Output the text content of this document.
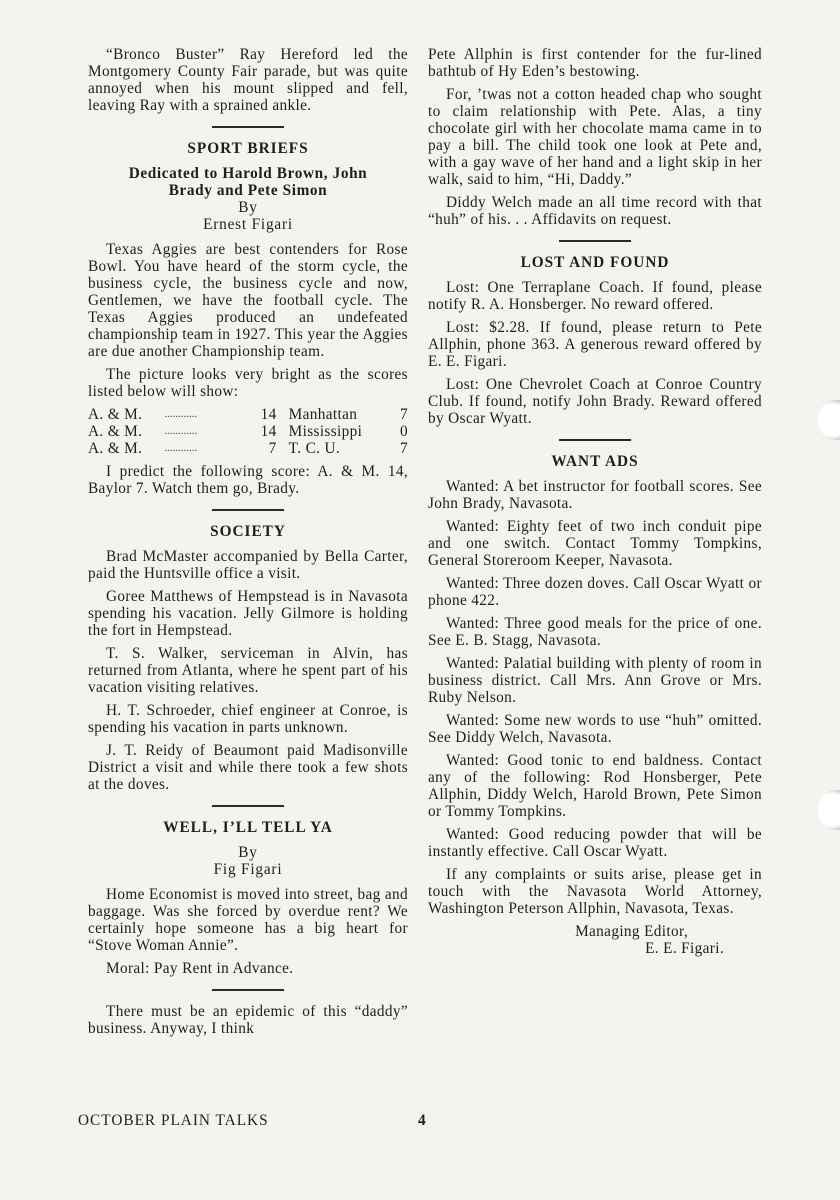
“Bronco Buster” Ray Hereford led the Montgomery County Fair parade, but was quite annoyed when his mount slipped and fell, leaving Ray with a sprained ankle.

SPORT BRIEFS
Dedicated to Harold Brown, John
Brady and Pete Simon
By
Ernest Figari

Texas Aggies are best contenders for Rose Bowl. You have heard of the storm cycle, the business cycle, the business cycle and now, Gentlemen, we have the football cycle. The Texas Aggies produced an undefeated championship team in 1927. This year the Aggies are due another Championship team.

The picture looks very bright as the scores listed below will show:

A. & M.	............	14	Manhattan	7
A. & M.	............	14	Mississippi	0
A. & M.	............	7	T. C. U.	7

I predict the following score: A. & M. 14, Baylor 7. Watch them go, Brady.

SOCIETY

Brad McMaster accompanied by Bella Carter, paid the Huntsville office a visit.

Goree Matthews of Hempstead is in Navasota spending his vacation. Jelly Gilmore is holding the fort in Hempstead.

T. S. Walker, serviceman in Alvin, has returned from Atlanta, where he spent part of his vacation visiting relatives.

H. T. Schroeder, chief engineer at Conroe, is spending his vacation in parts unknown.

J. T. Reidy of Beaumont paid Madisonville District a visit and while there took a few shots at the doves.

WELL, I’LL TELL YA
By
Fig Figari

Home Economist is moved into street, bag and baggage. Was she forced by overdue rent? We certainly hope someone has a big heart for “Stove Woman Annie”.

Moral: Pay Rent in Advance.

There must be an epidemic of this “daddy” business. Anyway, I think

Pete Allphin is first contender for the fur-lined bathtub of Hy Eden’s bestowing.

For, ’twas not a cotton headed chap who sought to claim relationship with Pete. Alas, a tiny chocolate girl with her chocolate mama came in to pay a bill. The child took one look at Pete and, with a gay wave of her hand and a light skip in her walk, said to him, “Hi, Daddy.”

Diddy Welch made an all time record with that “huh” of his. . . Affidavits on request.

LOST AND FOUND

Lost: One Terraplane Coach. If found, please notify R. A. Honsberger. No reward offered.

Lost: $2.28. If found, please return to Pete Allphin, phone 363. A generous reward offered by E. E. Figari.

Lost: One Chevrolet Coach at Conroe Country Club. If found, notify John Brady. Reward offered by Oscar Wyatt.

WANT ADS

Wanted: A bet instructor for football scores. See John Brady, Navasota.

Wanted: Eighty feet of two inch conduit pipe and one switch. Contact Tommy Tompkins, General Storeroom Keeper, Navasota.

Wanted: Three dozen doves. Call Oscar Wyatt or phone 422.

Wanted: Three good meals for the price of one. See E. B. Stagg, Navasota.

Wanted: Palatial building with plenty of room in business district. Call Mrs. Ann Grove or Mrs. Ruby Nelson.

Wanted: Some new words to use “huh” omitted. See Diddy Welch, Navasota.

Wanted: Good tonic to end baldness. Contact any of the following: Rod Honsberger, Pete Allphin, Diddy Welch, Harold Brown, Pete Simon or Tommy Tompkins.

Wanted: Good reducing powder that will be instantly effective. Call Oscar Wyatt.

If any complaints or suits arise, please get in touch with the Navasota World Attorney, Washington Peterson Allphin, Navasota, Texas.

Managing Editor,
E. E. Figari.
OCTOBER PLAIN TALKS	4
